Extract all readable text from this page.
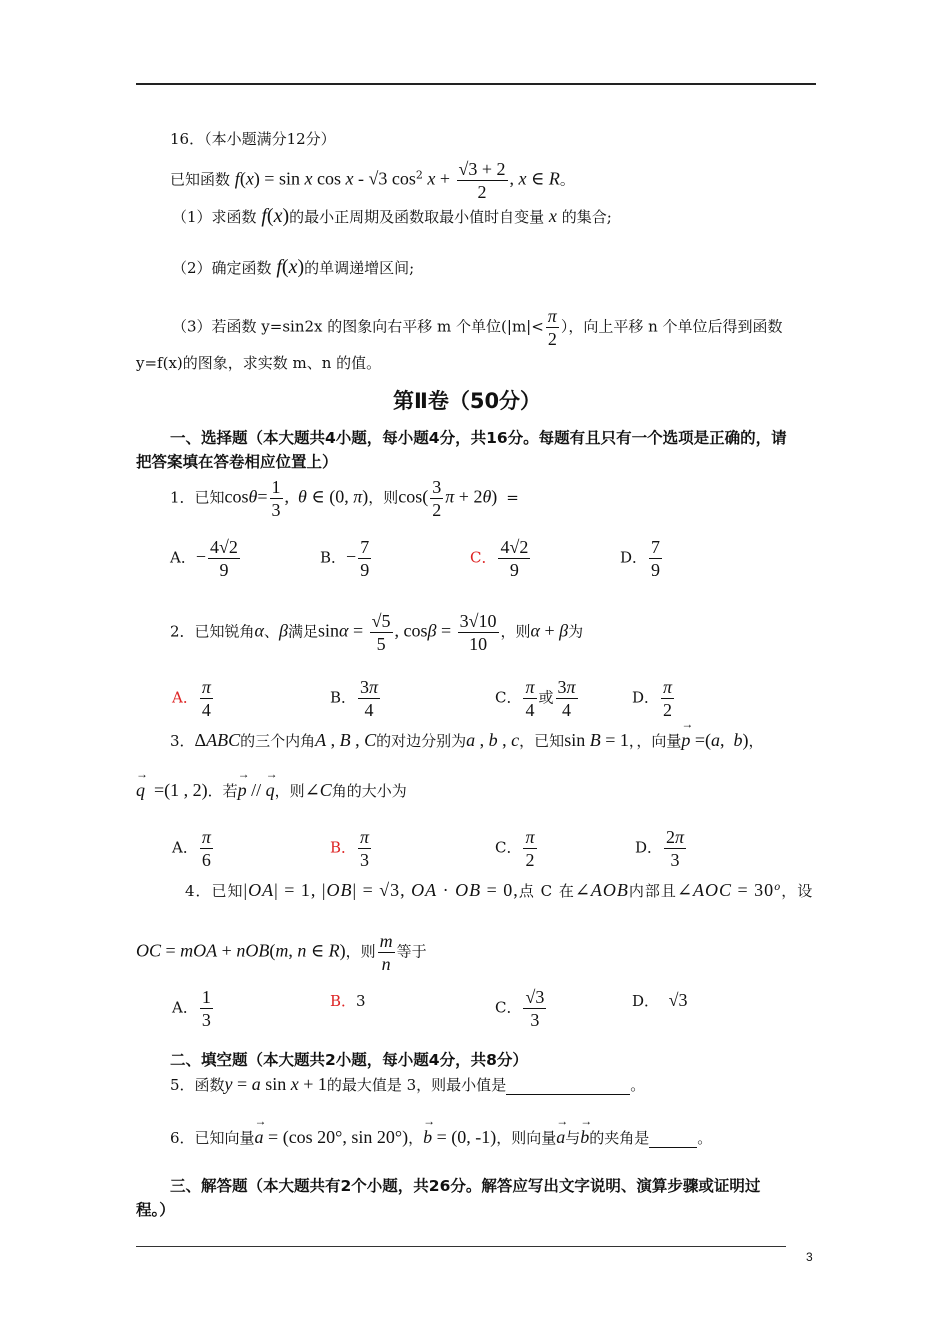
16．（本小题满分12分）
已知函数 f(x) = sin x cos x - √3 $\cos^2 x + \frac{√3 + 2}{2}$ , x ∈ R。
（1）求函数 f(x)的最小正周期及函数取最小值时自变量 x 的集合;
（2）确定函数 f(x)的单调递增区间;
（3）若函数 y=sin2x 的图象向右平移 m 个单位($|m|< \frac{\pi}{2}$ ），向上平移 n 个单位后得到函数
y=f(x)的图象，求实数 m、n 的值。
第Ⅱ卷（50分）
一、选择题（本大题共4小题，每小题4分，共16分。每题有且只有一个选项是正确的，请
把答案填在答卷相应位置上）
1．已知$\cos\theta= \frac{1}{3}$ ,  θ ∈ (0, π)，则$\cos( \frac{3}{2}$ π + 2θ)  =
A．− $\frac{4√2}{9}$	B．− $\frac{7}{9}$	C． $\frac{4√2}{9}$	D． $\frac{7}{9}$
2．已知锐角α、β满足$\sin\alpha = \frac{√5}{5}$ , $\cos\beta = \frac{3√10}{10}$ ，则α + β为
A． $\frac{\pi}{4}$	B． $\frac{3\pi}{4}$	C． $\frac{\pi}{4}$ 或 $\frac{3\pi}{4}$	D． $\frac{\pi}{2}$
3．ΔABC的三个内角A , B , C的对边分别为a , b , c，已知sin B = 1，，向量→ p =(a,  b)，
→ q  =(1 , 2)．若→ p // → q，则∠C角的大小为
A． $\frac{\pi}{6}$	B． $\frac{\pi}{3}$	C． $\frac{\pi}{2}$	D． $\frac{2\pi}{3}$
4．已知|OA| = 1, |OB| = √3, OA · OB = 0,点 C 在∠AOB内部且∠AOC = $30^o$，设
OC = mOA + nOB(m, n ∈ R)，则 $\frac{m}{n}$ 等于
A． $\frac{1}{3}$	B．3	C． $\frac{√3}{3}$	D． √3
二、填空题（本大题共2小题，每小题4分，共8分）
5．函数y = a sin x + 1的最大值是 3，则最小值是	。
6．已知向量→ a = (cos 20°, sin 20°)，→ b = (0, -1)，则向量→ a与→ b的夹角是	。
三、解答题（本大题共有2个小题，共26分。解答应写出文字说明、演算步骤或证明过
程。）
3
